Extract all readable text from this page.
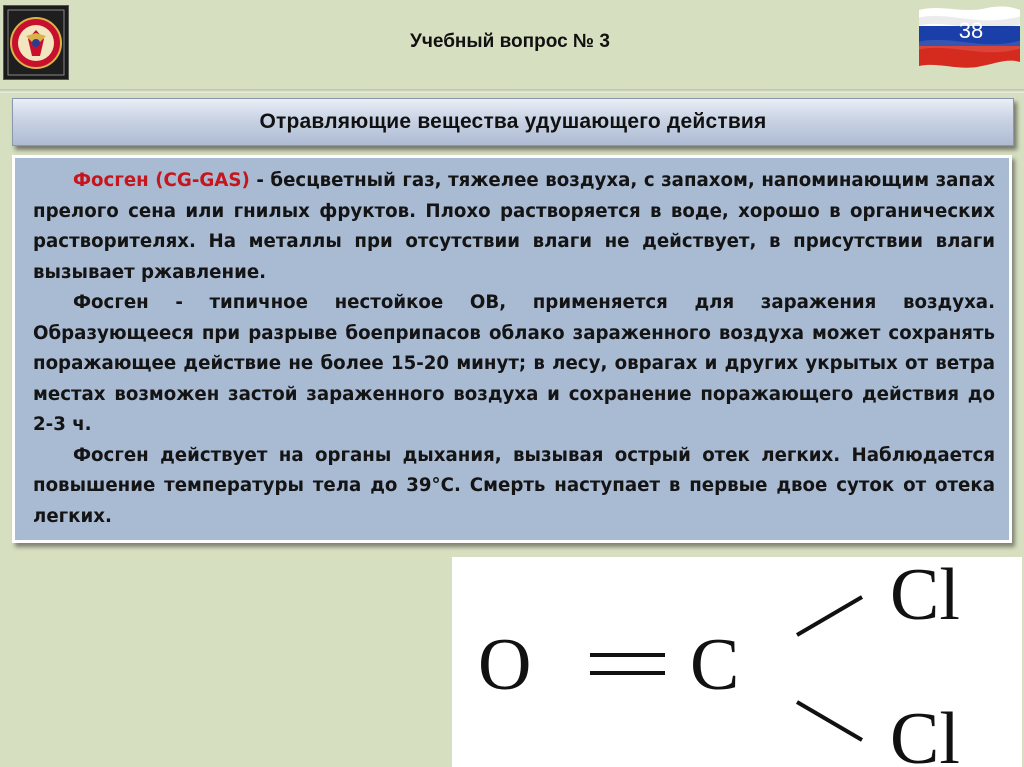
Учебный вопрос № 3	38
Отравляющие вещества удушающего действия

Фосген (CG-GAS) - бесцветный газ, тяжелее воздуха, с запахом, напоминающим запах прелого сена или гнилых фруктов. Плохо растворяется в воде, хорошо в органических растворителях. На металлы при отсутствии влаги не действует, в присутствии влаги вызывает ржавление.

Фосген - типичное нестойкое ОВ, применяется для заражения воздуха. Образующееся при разрыве боеприпасов облако зараженного воздуха может сохранять поражающее действие не более 15-20 минут; в лесу, оврагах и других укрытых от ветра местах возможен застой зараженного воздуха и сохранение поражающего действия до 2-3 ч.

Фосген действует на органы дыхания, вызывая острый отек легких. Наблюдается повышение температуры тела до 39°С. Смерть наступает в первые двое суток от отека легких.

O C
Cl
Cl
